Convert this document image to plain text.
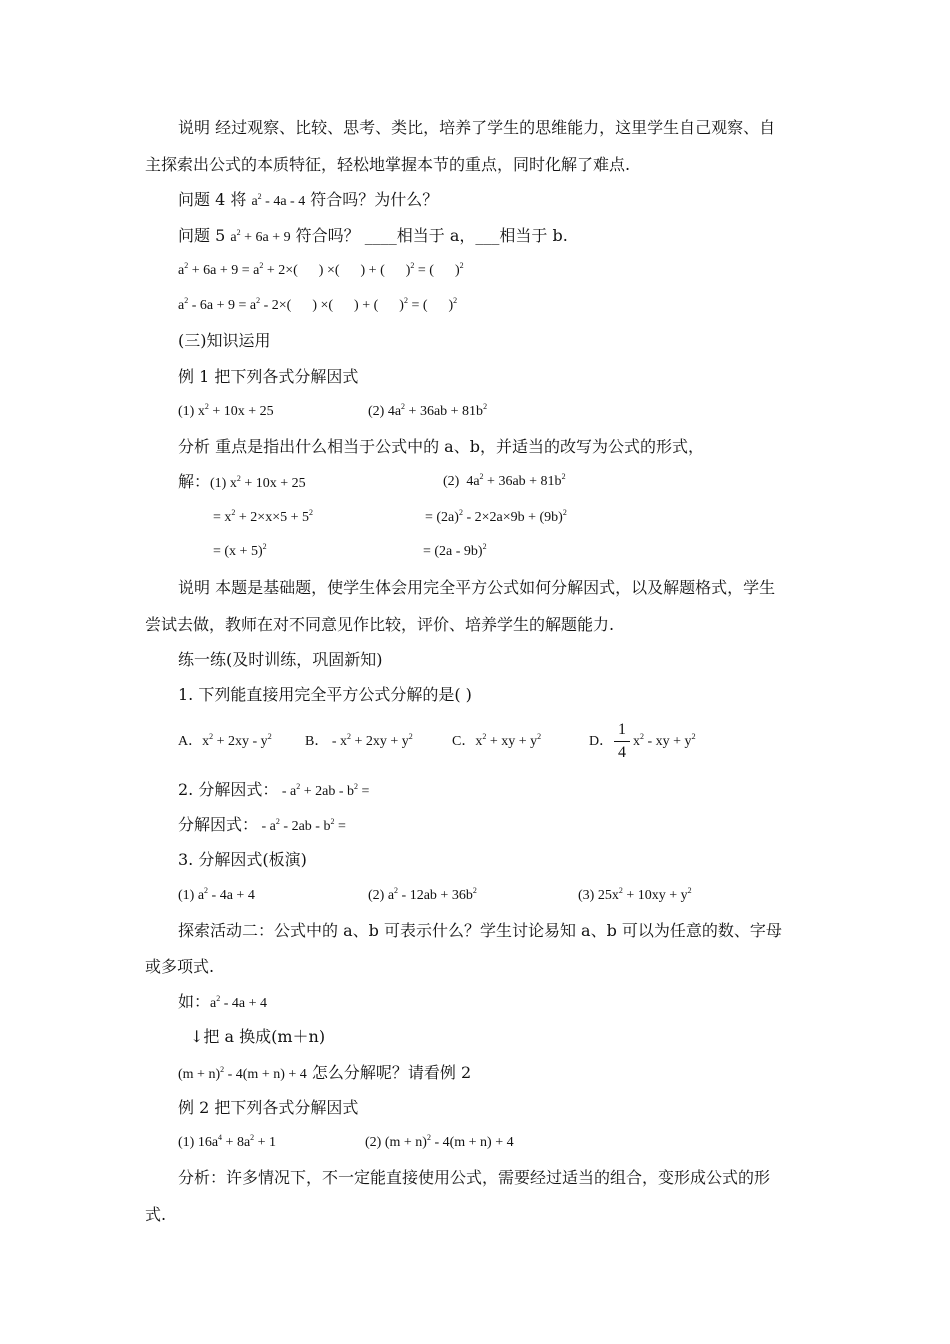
说明 经过观察、比较、思考、类比，培养了学生的思维能力，这里学生自己观察、自
主探索出公式的本质特征，轻松地掌握本节的重点，同时化解了难点.
问题 4 将 $a^2 - 4a - 4$ 符合吗？为什么？
问题 5 $a^2 + 6a + 9$ 符合吗？ ____相当于 a，___相当于 b.
$a^2 + 6a + 9 = a^2 + 2\times$(      ) ×(      ) + (      )$^2$ = (      )$^2$
$a^2 - 6a + 9 = a^2 - 2\times$(      ) ×(      ) + (      )$^2$ = (      )$^2$
(三)知识运用
例 1 把下列各式分解因式
(1) $x^2 + 10x + 25$	(2) $4a^2 + 36ab + 81b^2$
分析 重点是指出什么相当于公式中的 a、b，并适当的改写为公式的形式，
解：(1) $x^2 + 10x + 25$	(2)  $4a^2 + 36ab + 81b^2$
= $x^2 + 2\times x\times 5 + 5^2$	= $(2a)^2 - 2\times 2a\times 9b + (9b)^2$
= $(x + 5)^2$	= (2a - 9b)$^2$
说明 本题是基础题，使学生体会用完全平方公式如何分解因式，以及解题格式，学生
尝试去做，教师在对不同意见作比较，评价、培养学生的解题能力.
练一练(及时训练，巩固新知)
1. 下列能直接用完全平方公式分解的是( )
A．$x^2 + 2xy - y^2$ B． - $x^2 + 2xy + y^2$	C．$x^2$ + xy + $y^2$	D．
1
4
$x^2$ - xy + $y^2$
2. 分解因式： - $a^2 + 2ab - b^2$ =
分解因式： - $a^2 - 2ab - b^2$ =
3. 分解因式(板演)
(1) $a^2 - 4a + 4$	(2) $a^2 - 12ab + 36b^2$	(3) $25x^2 + 10xy + y^2$
探索活动二：公式中的 a、b 可表示什么？学生讨论易知 a、b 可以为任意的数、字母
或多项式.
如：$a^2 - 4a + 4$
↓把 a 换成(m＋n)
$(m + n)^2 - 4(m + n) + 4$ 怎么分解呢？请看例 2
例 2 把下列各式分解因式
(1) $16a^4 + 8a^2 + 1$	(2) $(m + n)^2 - 4(m + n) + 4$
分析：许多情况下，不一定能直接使用公式，需要经过适当的组合，变形成公式的形
式.
